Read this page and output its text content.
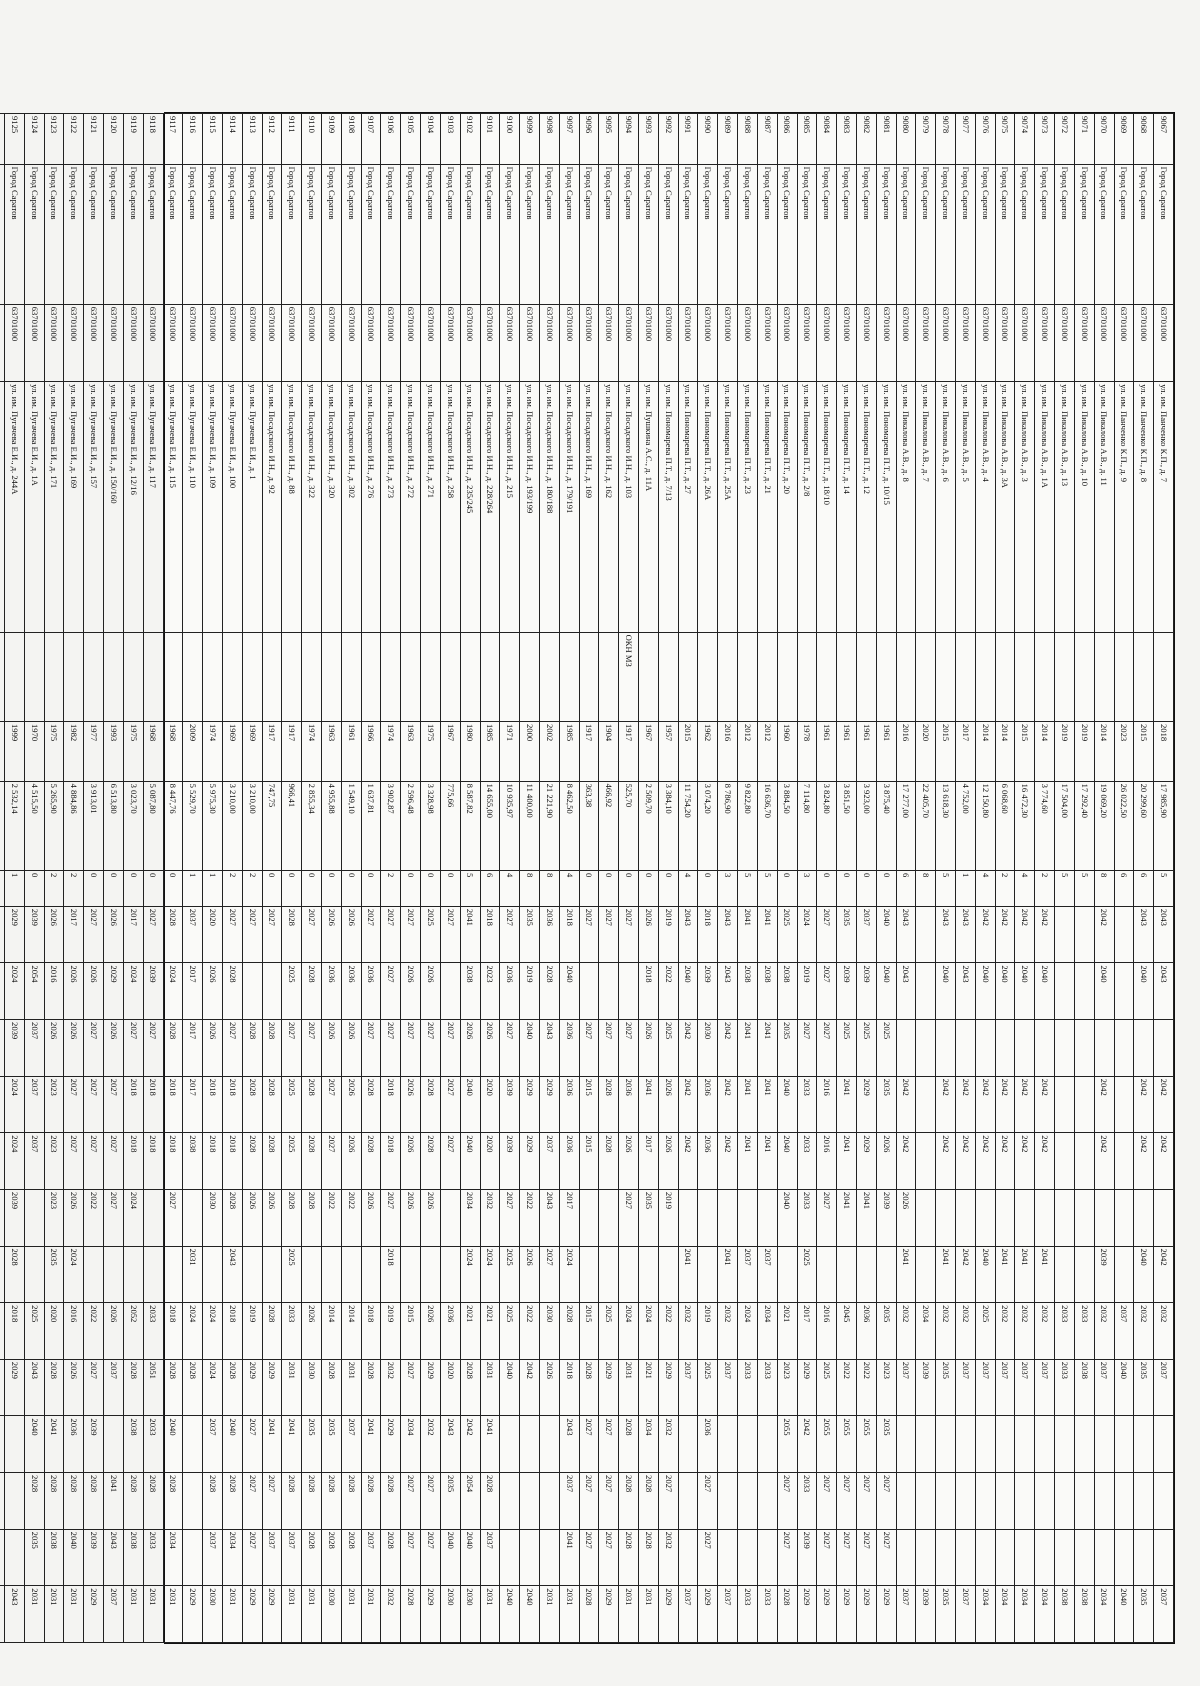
9067	Город Саратов	63701000	ул. им. Панченко К.П., д. 7		2018	17 985,90	5	2043	2043		2042	2042		2042	2032	2037				2037
9068	Город Саратов	63701000	ул. им. Панченко К.П., д. 8		2015	20 299,60	6	2043	2040		2042	2042		2040	2032	2035				2035
9069	Город Саратов	63701000	ул. им. Панченко К.П., д. 9		2023	26 022,50	6								2037	2040				2040
9070	Город Саратов	63701000	ул. им. Пикалова А.В., д. 11		2014	19 069,20	8	2042	2040		2042	2042		2039	2032	2037				2034
9071	Город Саратов	63701000	ул. им. Пикалова А.В., д. 10		2019	17 292,40	5								2033	2038				2038
9072	Город Саратов	63701000	ул. им. Пикалова А.В., д. 13		2019	17 504,00	5								2033	2033				2038
9073	Город Саратов	63701000	ул. им. Пикалова А.В., д. 1А		2014	3 774,60	2	2042	2040		2042	2042		2041	2032	2037				2034
9074	Город Саратов	63701000	ул. им. Пикалова А.В., д. 3		2015	16 472,30	4	2042	2040		2042	2042		2041	2032	2037				2034
9075	Город Саратов	63701000	ул. им. Пикалова А.В., д. 3А		2014	6 068,60	2	2042	2040		2042	2042		2041	2032	2037				2034
9076	Город Саратов	63701000	ул. им. Пикалова А.В., д. 4		2014	12 150,80	4	2042	2040		2042	2042		2040	2025	2037				2034
9077	Город Саратов	63701000	ул. им. Пикалова А.В., д. 5		2017	4 752,00	1	2043	2043		2042	2042		2042	2032	2037				2037
9078	Город Саратов	63701000	ул. им. Пикалова А.В., д. 6		2015	13 618,30	5	2043	2040		2042	2042		2041	2032	2035				2035
9079	Город Саратов	63701000	ул. им. Пикалова А.В., д. 7		2020	22 405,70	8								2034	2039				2039
9080	Город Саратов	63701000	ул. им. Пикалова А.В., д. 8		2016	17 277,00	6	2043	2043		2042	2042	2026	2041	2032	2037				2037
9081	Город Саратов	63701000	ул. им. Пономарева П.Т., д. 10/15		1961	3 875,40	0	2040	2040	2025	2035	2026	2039		2035	2023	2035	2027	2027	2029
9082	Город Саратов	63701000	ул. им. Пономарева П.Т., д. 12		1961	3 923,00	0	2037	2039	2025	2029	2029	2041		2036	2022	2055	2027	2027	2029
9083	Город Саратов	63701000	ул. им. Пономарева П.Т., д. 14		1961	3 851,50	0	2035	2039	2025	2041	2041	2041		2045	2022	2055	2027	2027	2029
9084	Город Саратов	63701000	ул. им. Пономарева П.Т., д. 18/10		1961	3 824,80	0	2027	2027	2027	2016	2016	2027		2016	2025	2055	2027	2027	2029
9085	Город Саратов	63701000	ул. им. Пономарева П.Т., д. 2/8		1978	7 114,80	3	2024	2019	2027	2033	2033	2033	2025	2017	2029	2042	2033	2039	2029
9086	Город Саратов	63701000	ул. им. Пономарева П.Т., д. 20		1960	3 884,50	0	2025	2038	2035	2040	2040	2040		2021	2023	2055	2027	2027	2028
9087	Город Саратов	63701000	ул. им. Пономарева П.Т., д. 21		2012	16 636,70	5	2041	2038	2041	2041	2041		2037	2034	2033				2033
9088	Город Саратов	63701000	ул. им. Пономарева П.Т., д. 23		2012	9 822,80	5	2041	2038	2041	2041	2041		2037	2024	2033				2033
9089	Город Саратов	63701000	ул. им. Пономарева П.Т., д. 25А		2016	8 786,90	3	2043	2043	2042	2042	2042		2041	2032	2037				2037
9090	Город Саратов	63701000	ул. им. Пономарева П.Т., д. 26А		1962	3 074,20	0	2018	2039	2030	2036	2036			2019	2025	2036	2027	2027	2029
9091	Город Саратов	63701000	ул. им. Пономарева П.Т., д. 27		2015	11 754,20	4	2043	2040	2042	2042	2042		2041	2032	2037				2037
9092	Город Саратов	63701000	ул. им. Пономарева П.Т., д. 7/13		1957	3 384,10	0	2019	2022	2025	2026	2026	2019		2022	2029	2032	2027	2032	2029
9093	Город Саратов	63701000	ул. им. Пушкина А.С., д. 11А		1967	2 509,70	0	2026	2018	2026	2041	2017	2035		2024	2021	2034	2028	2028	2031
9094	Город Саратов	63701000	ул. им. Посадского И.Н., д. 103	ОКН МЗ	1917	525,70	0	2027		2027	2036	2026	2027		2024	2031	2028	2028	2028	2031
9095	Город Саратов	63701000	ул. им. Посадского И.Н., д. 162		1904	466,92	0	2027		2027	2028	2028			2025	2029	2027	2027	2027	2029
9096	Город Саратов	63701000	ул. им. Посадского И.Н., д. 169		1917	363,38	0	2027		2027	2015	2015			2015	2028	2027	2027	2027	2028
9097	Город Саратов	63701000	ул. им. Посадского И.Н., д. 179/191		1985	8 462,50	4	2018	2040	2036	2036	2036	2017	2024	2028	2018	2043	2037	2041	2031
9098	Город Саратов	63701000	ул. им. Посадского И.Н., д. 180/188		2002	21 221,90	8	2036	2028	2043	2029	2037	2043	2027	2030	2026				2031
9099	Город Саратов	63701000	ул. им. Посадского И.Н., д. 193/199		2000	11 400,00	8	2035	2019	2040	2029	2029	2022	2026	2022	2042				2040
9100	Город Саратов	63701000	ул. им. Посадского И.Н., д. 215		1971	10 935,97	4	2027	2036	2027	2039	2039	2027	2025	2025	2040				2040
9101	Город Саратов	63701000	ул. им. Посадского И.Н., д. 228/264		1985	14 655,00	6	2018	2023	2026	2020	2020	2032	2024	2021	2031	2041	2028	2037	2031
9102	Город Саратов	63701000	ул. им. Посадского И.Н., д. 235/245		1980	8 587,82	5	2041	2038	2026	2040	2040	2034	2024	2021	2028	2042	2054	2040	2030
9103	Город Саратов	63701000	ул. им. Посадского И.Н., д. 258		1967	775,66	0	2027		2027	2027	2027			2036	2020	2043	2035	2040	2030
9104	Город Саратов	63701000	ул. им. Посадского И.Н., д. 271		1975	3 328,98	0	2025	2026	2027	2028	2028	2026		2026	2029	2032	2027	2027	2029
9105	Город Саратов	63701000	ул. им. Посадского И.Н., д. 272		1963	2 596,48	0	2027	2026	2027	2026	2026	2026		2015	2027	2034	2027	2027	2028
9106	Город Саратов	63701000	ул. им. Посадского И.Н., д. 273		1974	3 902,87	2	2027	2027	2027	2018	2018	2027	2018	2019	2032	2029	2028	2028	2032
9107	Город Саратов	63701000	ул. им. Посадского И.Н., д. 276		1966	1 637,81	0	2027	2036	2027	2028	2028	2026		2018	2028	2041	2028	2037	2031
9108	Город Саратов	63701000	ул. им. Посадского И.Н., д. 302		1961	1 549,10	0	2026	2036	2026	2026	2026	2022		2014	2031	2037	2028	2028	2031
9109	Город Саратов	63701000	ул. им. Посадского И.Н., д. 320		1963	4 955,88	0	2026	2036	2026	2027	2027	2022		2014	2028	2035	2028	2028	2030
9110	Город Саратов	63701000	ул. им. Посадского И.Н., д. 322		1974	2 855,34	0	2027	2028	2027	2028	2028	2028		2026	2030	2035	2028	2028	2031
9111	Город Саратов	63701000	ул. им. Посадского И.Н., д. 88		1917	966,41	0	2028	2025	2027	2025	2025	2028	2025	2033	2031	2041	2028	2037	2031
9112	Город Саратов	63701000	ул. им. Посадского И.Н., д. 92		1917	747,75	0	2027		2028	2028	2028	2026		2028	2029	2041	2027	2037	2029
9113	Город Саратов	63701000	ул. им. Пугачева Е.И., д. 1		1969	3 210,00	2	2027		2028	2028	2028	2026		2019	2029	2027	2027	2027	2029
9114	Город Саратов	63701000	ул. им. Пугачева Е.И., д. 100		1969	3 210,00	2	2027	2028	2027	2018	2018	2028	2043	2018	2028	2040	2028	2034	2031
9115	Город Саратов	63701000	ул. им. Пугачева Е.И., д. 109		1974	5 975,30	1	2020	2026	2026	2018	2018	2030		2024	2024	2037	2028	2037	2030
9116	Город Саратов	63701000	ул. им. Пугачева Е.И., д. 110		2009	5 529,70	1	2037	2017	2017	2017	2038		2031	2024	2028				2029
9117	Город Саратов	63701000	ул. им. Пугачева Е.И., д. 115		1968	8 447,76	0	2028	2024	2028	2018	2018	2027		2018	2028	2040	2028	2034	2031
9118	Город Саратов	63701000	ул. им. Пугачева Е.И., д. 117		1968	5 087,80	0	2027	2039	2027	2018	2018			2033	2051	2033	2028	2033	2031
9119	Город Саратов	63701000	ул. им. Пугачева Е.И., д. 12/16		1975	3 023,70	0	2017	2024	2027	2018	2018	2024		2052	2028	2038	2028	2038	2031
9120	Город Саратов	63701000	ул. им. Пугачева Е.И., д. 150/160		1993	6 513,80	0	2026	2029	2026	2027	2027	2027		2026	2037		2041	2043	2037
9121	Город Саратов	63701000	ул. им. Пугачева Е.И., д. 157		1977	3 913,01	0	2027	2026	2027	2027	2027	2022		2022	2027	2039	2028	2039	2029
9122	Город Саратов	63701000	ул. им. Пугачева Е.И., д. 169		1982	4 884,86	2	2017	2026	2026	2027	2027	2026	2024	2016	2026	2036	2028	2040	2031
9123	Город Саратов	63701000	ул. им. Пугачева Е.И., д. 171		1975	5 265,90	2	2026	2016	2026	2023	2023	2023	2035	2020	2028	2041	2028	2038	2031
9124	Город Саратов	63701000	ул. им. Пугачева Е.И., д. 1А		1970	4 515,50	0	2039	2054	2037	2037	2037			2025	2043	2040	2028	2035	2031
9125	Город Саратов	63701000	ул. им. Пугачева Е.И., д. 244А		1999	2 532,14	1	2029	2024	2039	2024	2024	2039	2028	2018	2029				2043
